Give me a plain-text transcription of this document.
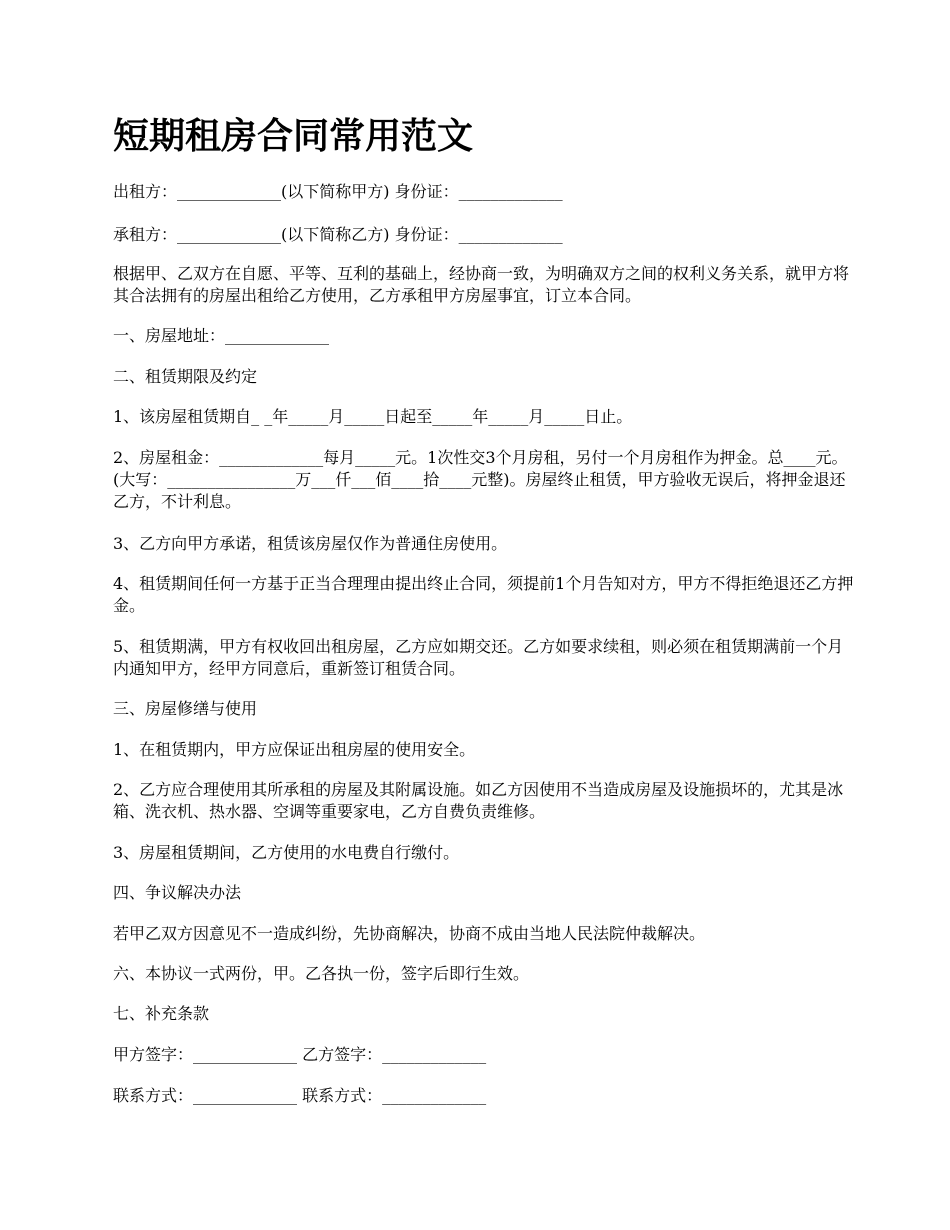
短期租房合同常用范文

出租方：_____________(以下简称甲方) 身份证：_____________

承租方：_____________(以下简称乙方) 身份证：_____________

根据甲、乙双方在自愿、平等、互利的基础上，经协商一致，为明确双方之间的权利义务关系，就甲方将其合法拥有的房屋出租给乙方使用，乙方承租甲方房屋事宜，订立本合同。

一、房屋地址：_____________

二、租赁期限及约定

1、该房屋租赁期自_ _年_____月_____日起至_____年_____月_____日止。

2、房屋租金：_____________每月_____元。1次性交3个月房租，另付一个月房租作为押金。总____元。(大写：________________万___仟___佰____拾____元整)。房屋终止租赁，甲方验收无误后，将押金退还乙方，不计利息。

3、乙方向甲方承诺，租赁该房屋仅作为普通住房使用。

4、租赁期间任何一方基于正当合理理由提出终止合同，须提前1个月告知对方，甲方不得拒绝退还乙方押金。

5、租赁期满，甲方有权收回出租房屋，乙方应如期交还。乙方如要求续租，则必须在租赁期满前一个月内通知甲方，经甲方同意后，重新签订租赁合同。

三、房屋修缮与使用

1、在租赁期内，甲方应保证出租房屋的使用安全。

2、乙方应合理使用其所承租的房屋及其附属设施。如乙方因使用不当造成房屋及设施损坏的，尤其是冰箱、洗衣机、热水器、空调等重要家电，乙方自费负责维修。

3、房屋租赁期间，乙方使用的水电费自行缴付。

四、争议解决办法

若甲乙双方因意见不一造成纠纷，先协商解决，协商不成由当地人民法院仲裁解决。

六、本协议一式两份，甲。乙各执一份，签字后即行生效。

七、补充条款

甲方签字：_____________ 乙方签字：_____________

联系方式：_____________ 联系方式：_____________
